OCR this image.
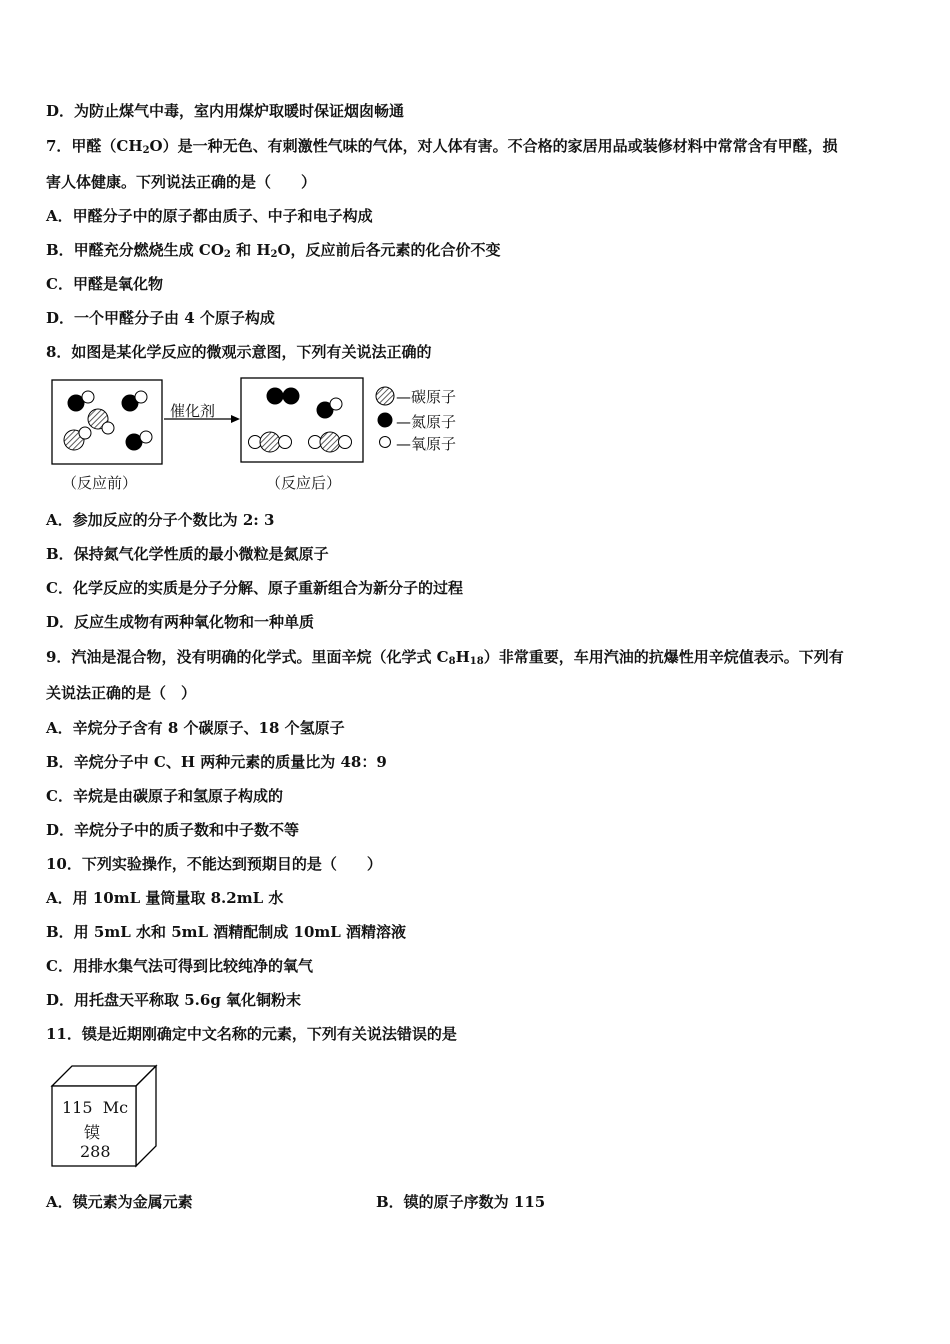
D．为防止煤气中毒，室内用煤炉取暖时保证烟囱畅通
7．甲醛$(CH_2O)$是一种无色、有刺激性气味的气体，对人体有害。不合格的家居用品或装修材料中常常含有甲醛，损
害人体健康。下列说法正确的是（　　）
A．甲醛分子中的原子都由质子、中子和电子构成
B．甲醛充分燃烧生成 $CO_2$ 和 $H_2O$，反应前后各元素的化合价不变
C．甲醛是氧化物
D．一个甲醛分子由 4 个原子构成
8．如图是某化学反应的微观示意图，下列有关说法正确的
催化剂
（反应前）	（反应后）
—碳原子
—氮原子
—氧原子
A．参加反应的分子个数比为 2: 3
B．保持氮气化学性质的最小微粒是氮原子
C．化学反应的实质是分子分解、原子重新组合为新分子的过程
D．反应生成物有两种氧化物和一种单质
9．汽油是混合物，没有明确的化学式。里面辛烷（化学式 $C_8H_{18}$）非常重要，车用汽油的抗爆性用辛烷值表示。下列有
关说法正确的是（　）
A．辛烷分子含有 8 个碳原子、18 个氢原子
B．辛烷分子中 C、H 两种元素的质量比为 48：9
C．辛烷是由碳原子和氢原子构成的
D．辛烷分子中的质子数和中子数不等
10．下列实验操作，不能达到预期目的是（　　）
A．用 10mL 量筒量取 8.2mL 水
B．用 5mL 水和 5mL 酒精配制成 10mL 酒精溶液
C．用排水集气法可得到比较纯净的氧气
D．用托盘天平称取 5.6g 氧化铜粉末
11．镆是近期刚确定中文名称的元素，下列有关说法错误的是
115 Mc
镆
288
A．镆元素为金属元素	B．镆的原子序数为 115
